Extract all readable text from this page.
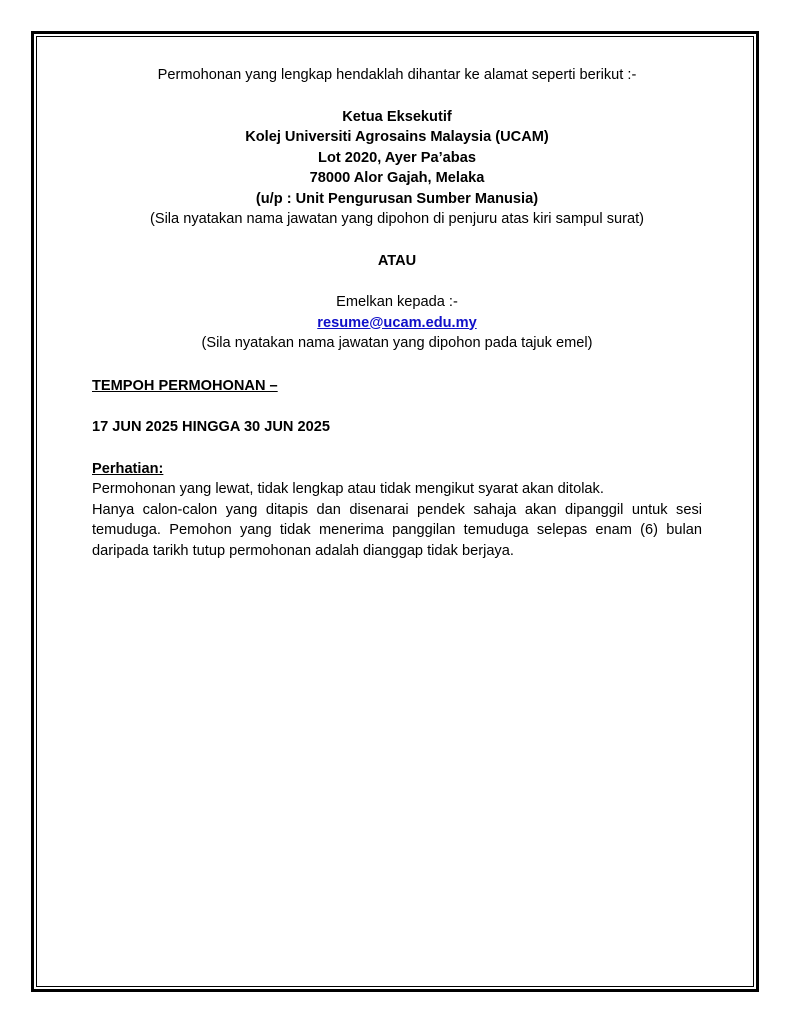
Permohonan yang lengkap hendaklah dihantar ke alamat seperti berikut :-
Ketua Eksekutif
Kolej Universiti Agrosains Malaysia (UCAM)
Lot 2020, Ayer Pa’abas
78000 Alor Gajah, Melaka
(u/p : Unit Pengurusan Sumber Manusia)
(Sila nyatakan nama jawatan yang dipohon di penjuru atas kiri sampul surat)
ATAU
Emelkan kepada :-
resume@ucam.edu.my
(Sila nyatakan nama jawatan yang dipohon pada tajuk emel)
TEMPOH PERMOHONAN –
17 JUN 2025 HINGGA 30 JUN 2025
Perhatian:
Permohonan yang lewat, tidak lengkap atau tidak mengikut syarat akan ditolak.
Hanya calon-calon yang ditapis dan disenarai pendek sahaja akan dipanggil untuk sesi
temuduga. Pemohon yang tidak menerima panggilan temuduga selepas enam (6) bulan
daripada tarikh tutup permohonan adalah dianggap tidak berjaya.
